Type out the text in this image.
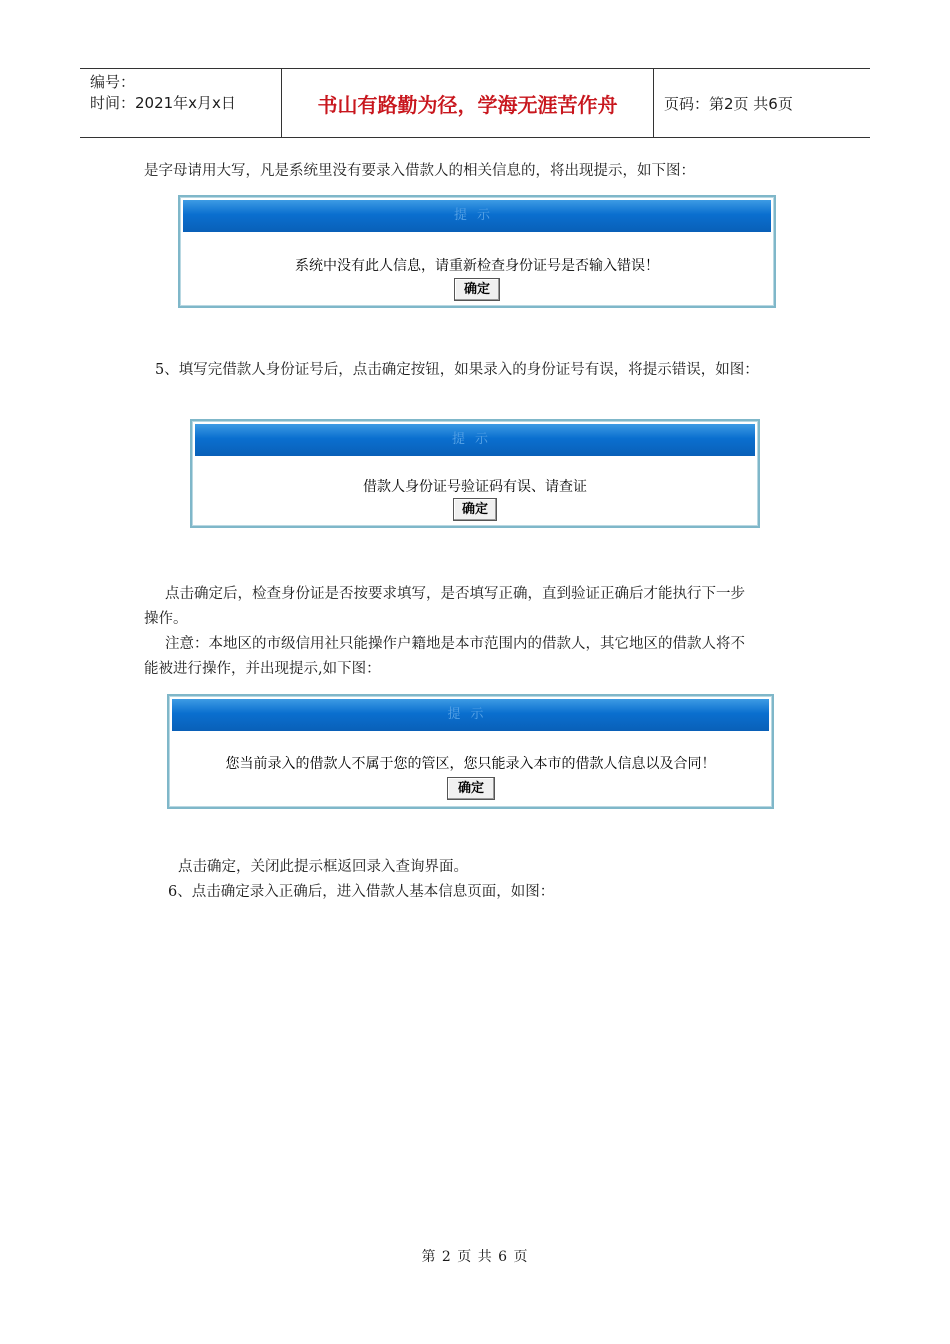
编号：
时间：2021年x月x日	书山有路勤为径，学海无涯苦作舟	页码：第2页 共6页
是字母请用大写，凡是系统里没有要录入借款人的相关信息的，将出现提示，如下图：
提示
系统中没有此人信息，请重新检查身份证号是否输入错误！
确定
5、填写完借款人身份证号后，点击确定按钮，如果录入的身份证号有误，将提示错误，如图：
提示
借款人身份证号验证码有误、请查证
确定
点击确定后，检查身份证是否按要求填写，是否填写正确，直到验证正确后才能执行下一步
操作。
注意：本地区的市级信用社只能操作户籍地是本市范围内的借款人，其它地区的借款人将不
能被进行操作，并出现提示,如下图：
提示
您当前录入的借款人不属于您的管区，您只能录入本市的借款人信息以及合同！
确定
点击确定，关闭此提示框返回录入查询界面。
6、点击确定录入正确后，进入借款人基本信息页面，如图：
第 2 页 共 6 页
